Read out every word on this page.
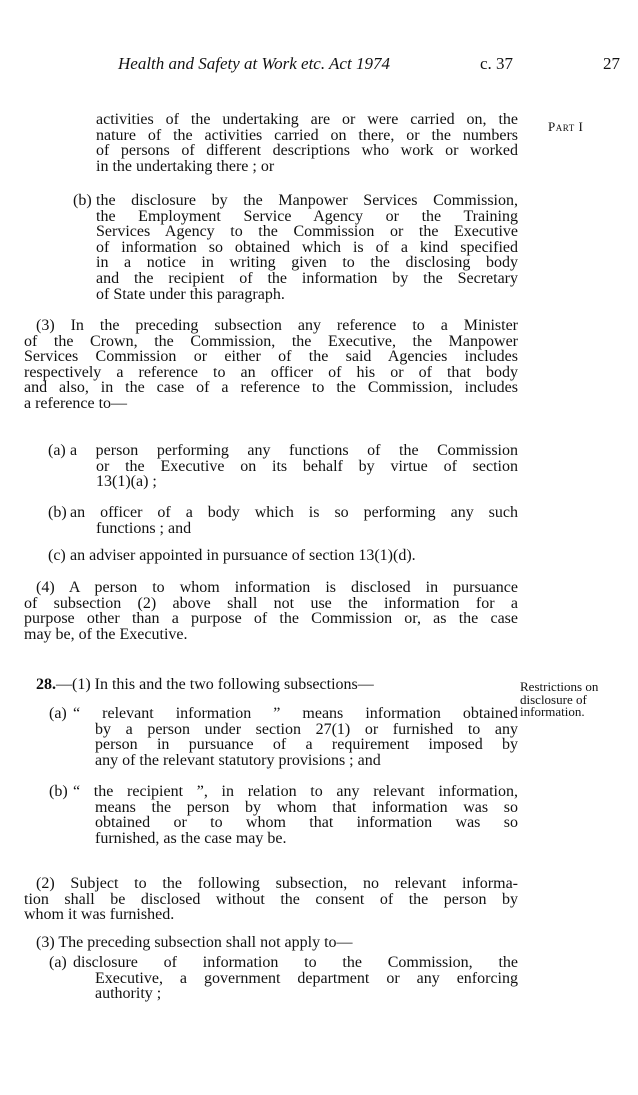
Health and Safety at Work etc. Act 1974	c. 37	27
Part I
Restrictions on
disclosure of
information.
activities of the undertaking are or were carried on, the
nature of the activities carried on there, or the numbers
of persons of different descriptions who work or worked
in the undertaking there ; or
(b) the disclosure by the Manpower Services Commission,
the Employment Service Agency or the Training
Services Agency to the Commission or the Executive
of information so obtained which is of a kind specified
in a notice in writing given to the disclosing body
and the recipient of the information by the Secretary
of State under this paragraph.
(3) In the preceding subsection any reference to a Minister
of the Crown, the Commission, the Executive, the Manpower
Services Commission or either of the said Agencies includes
respectively a reference to an officer of his or of that body
and also, in the case of a reference to the Commission, includes
a reference to—
(a) a person performing any functions of the Commission
or the Executive on its behalf by virtue of section
13(1)(a) ;
(b) an officer of a body which is so performing any such
functions ; and
(c) an adviser appointed in pursuance of section 13(1)(d).
(4) A person to whom information is disclosed in pursuance
of subsection (2) above shall not use the information for a
purpose other than a purpose of the Commission or, as the case
may be, of the Executive.
28.—(1) In this and the two following subsections—
(a) “ relevant information ” means information obtained
by a person under section 27(1) or furnished to any
person in pursuance of a requirement imposed by
any of the relevant statutory provisions ; and
(b) “ the recipient ”, in relation to any relevant information,
means the person by whom that information was so
obtained or to whom that information was so
furnished, as the case may be.
(2) Subject to the following subsection, no relevant informa-
tion shall be disclosed without the consent of the person by
whom it was furnished.
(3) The preceding subsection shall not apply to—
(a) disclosure of information to the Commission, the
Executive, a government department or any enforcing
authority ;
